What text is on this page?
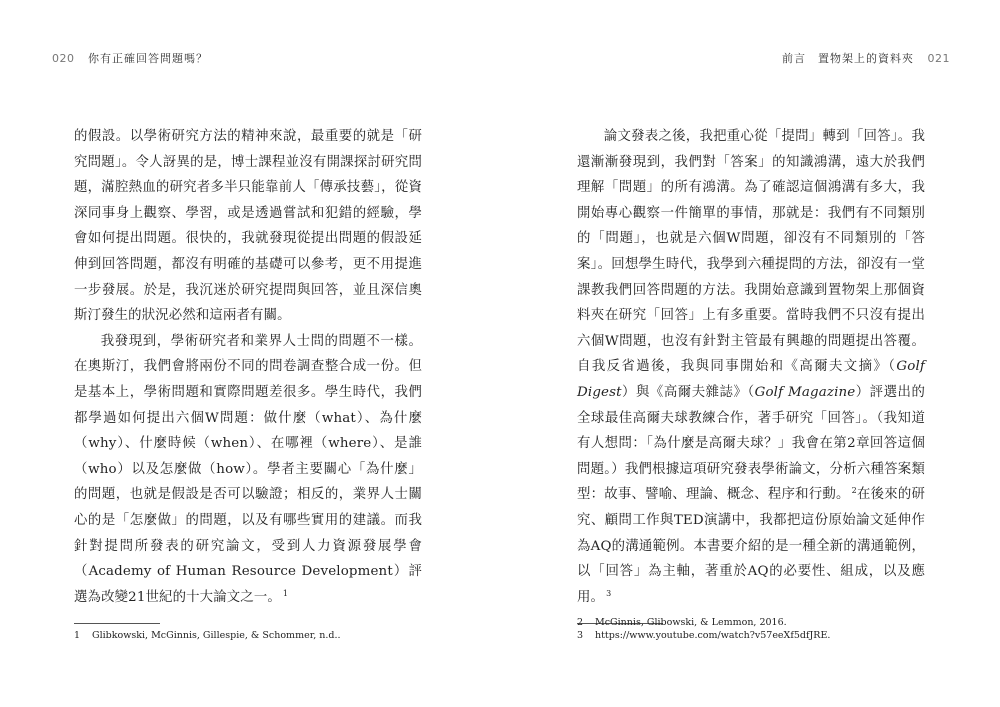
020 你有正確回答問題嗎？	前言　置物架上的資料夾 021

的假設。以學術研究方法的精神來說，最重要的就是「研究問題」。令人訝異的是，博士課程並沒有開課探討研究問題，滿腔熱血的研究者多半只能靠前人「傳承技藝」，從資深同事身上觀察、學習，或是透過嘗試和犯錯的經驗，學會如何提出問題。很快的，我就發現從提出問題的假設延伸到回答問題，都沒有明確的基礎可以參考，更不用提進一步發展。於是，我沉迷於研究提問與回答，並且深信奧斯汀發生的狀況必然和這兩者有關。

我發現到，學術研究者和業界人士問的問題不一樣。在奧斯汀，我們會將兩份不同的問卷調查整合成一份。但是基本上，學術問題和實際問題差很多。學生時代，我們都學過如何提出六個W問題：做什麼（what）、為什麼（why）、什麼時候（when）、在哪裡（where）、是誰（who）以及怎麼做（how）。學者主要關心「為什麼」的問題，也就是假設是否可以驗證；相反的，業界人士關心的是「怎麼做」的問題，以及有哪些實用的建議。而我針對提問所發表的研究論文，受到人力資源發展學會（Academy of Human Resource Development）評選為改變21世紀的十大論文之一。 $^1$

論文發表之後，我把重心從「提問」轉到「回答」。我還漸漸發現到，我們對「答案」的知識鴻溝，遠大於我們理解「問題」的所有鴻溝。為了確認這個鴻溝有多大，我開始專心觀察一件簡單的事情，那就是：我們有不同類別的「問題」，也就是六個W問題，卻沒有不同類別的「答案」。回想學生時代，我學到六種提問的方法，卻沒有一堂課教我們回答問題的方法。我開始意識到置物架上那個資料夾在研究「回答」上有多重要。當時我們不只沒有提出六個W問題，也沒有針對主管最有興趣的問題提出答覆。自我反省過後，我與同事開始和《高爾夫文摘》（Golf Digest）與《高爾夫雜誌》（Golf Magazine）評選出的全球最佳高爾夫球教練合作，著手研究「回答」。（我知道有人想問：「為什麼是高爾夫球？」我會在第2章回答這個問題。）我們根據這項研究發表學術論文，分析六種答案類型：故事、譬喻、理論、概念、程序和行動。 $^2$在後來的研究、顧問工作與TED演講中，我都把這份原始論文延伸作為AQ的溝通範例。本書要介紹的是一種全新的溝通範例，以「回答」為主軸，著重於AQ的必要性、組成，以及應用。 $^3$

1 Glibkowski, McGinnis, Gillespie, & Schommer, n.d..
2 McGinnis, Glibowski, & Lemmon, 2016.
3 https://www.youtube.com/watch?v57eeXf5dfJRE.
